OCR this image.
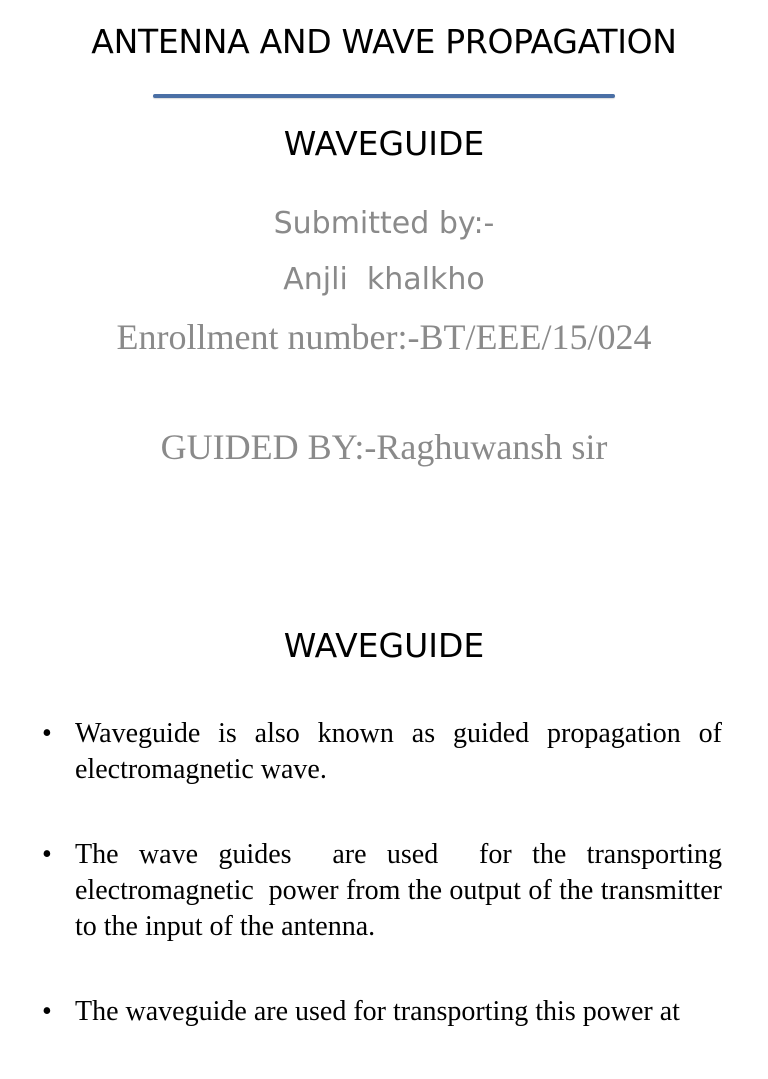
ANTENNA AND WAVE PROPAGATION
WAVEGUIDE
Submitted by:-
Anjli  khalkho
Enrollment number:-BT/EEE/15/024
GUIDED BY:-Raghuwansh sir
WAVEGUIDE
• Waveguide is also known as guided propagation of electromagnetic wave.
• The wave guides  are used  for the transporting electromagnetic  power from the output of the transmitter to the input of the antenna.
• The waveguide are used for transporting this power at
